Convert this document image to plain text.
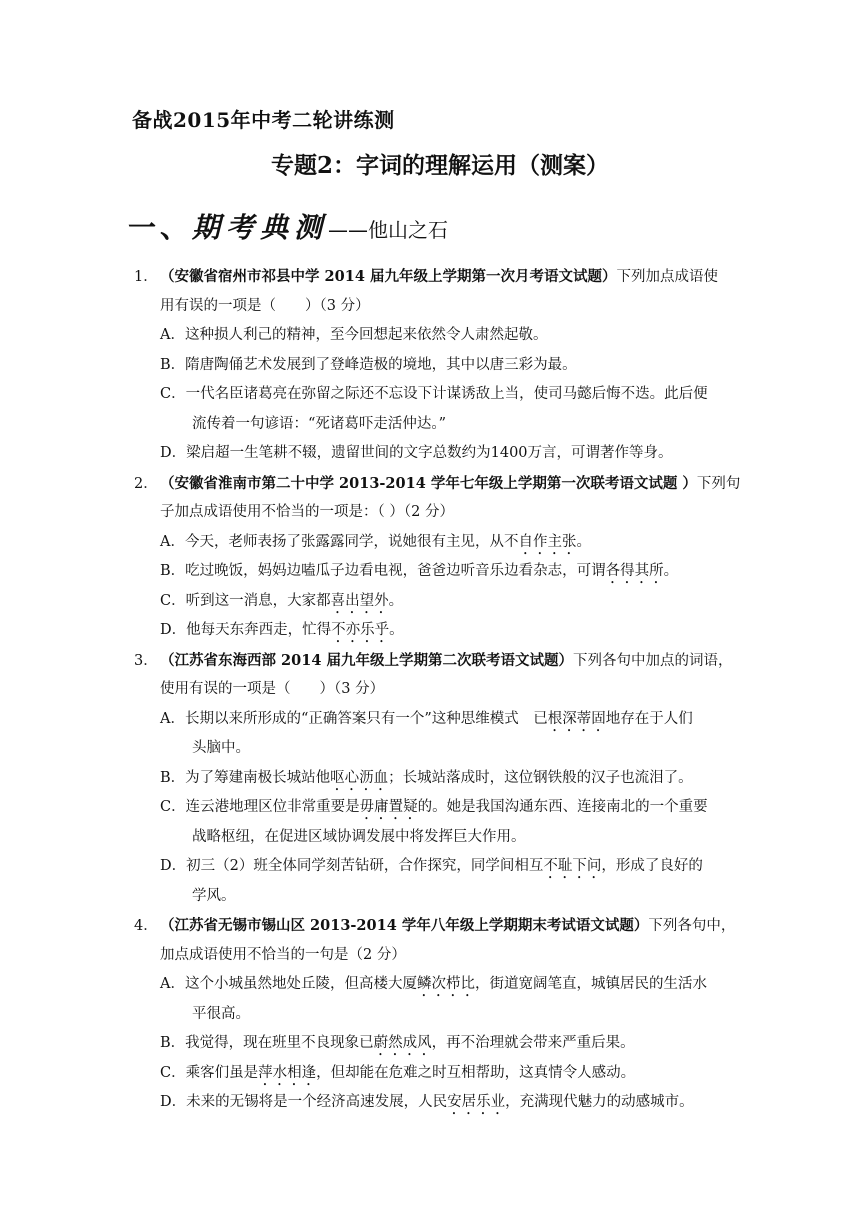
备战2015年中考二轮讲练测
专题2：字词的理解运用（测案）
一、期考典测——他山之石
1． （安徽省宿州市祁县中学 2014 届九年级上学期第一次月考语文试题）下列加点成语使
用有误的一项是（　　）（3 分）
A．这种损人利己的精神，至今回想起来依然令人肃然起敬。
B．隋唐陶俑艺术发展到了登峰造极的境地，其中以唐三彩为最。
C．一代名臣诸葛亮在弥留之际还不忘设下计谋诱敌上当，使司马懿后悔不迭。此后便
流传着一句谚语：“死诸葛吓走活仲达。”
D．梁启超一生笔耕不辍，遗留世间的文字总数约为1400万言，可谓著作等身。
2． （安徽省淮南市第二十中学 2013-2014 学年七年级上学期第一次联考语文试题 ）下列句
子加点成语使用不恰当的一项是：（ ）（2 分）
A．今天，老师表扬了张露露同学，说她很有主见，从不自作主张。
B．吃过晚饭，妈妈边嗑瓜子边看电视，爸爸边听音乐边看杂志，可谓各得其所。
C．听到这一消息，大家都喜出望外。
D．他每天东奔西走，忙得不亦乐乎。
3． （江苏省东海西部 2014 届九年级上学期第二次联考语文试题）下列各句中加点的词语，
使用有误的一项是（　　）（3 分）
A．长期以来所形成的“正确答案只有一个”这种思维模式　已根深蒂固地存在于人们
头脑中。
B．为了筹建南极长城站他呕心沥血；长城站落成时，这位钢铁般的汉子也流泪了。
C．连云港地理区位非常重要是毋庸置疑的。她是我国沟通东西、连接南北的一个重要
战略枢纽，在促进区域协调发展中将发挥巨大作用。
D．初三（2）班全体同学刻苦钻研，合作探究，同学间相互不耻下问，形成了良好的
学风。
4． （江苏省无锡市锡山区 2013-2014 学年八年级上学期期末考试语文试题）下列各句中，
加点成语使用不恰当的一句是（2 分）
A．这个小城虽然地处丘陵，但高楼大厦鳞次栉比，街道宽阔笔直，城镇居民的生活水
平很高。
B．我觉得，现在班里不良现象已蔚然成风，再不治理就会带来严重后果。
C．乘客们虽是萍水相逢，但却能在危难之时互相帮助，这真情令人感动。
D．未来的无锡将是一个经济高速发展，人民安居乐业，充满现代魅力的动感城市。
